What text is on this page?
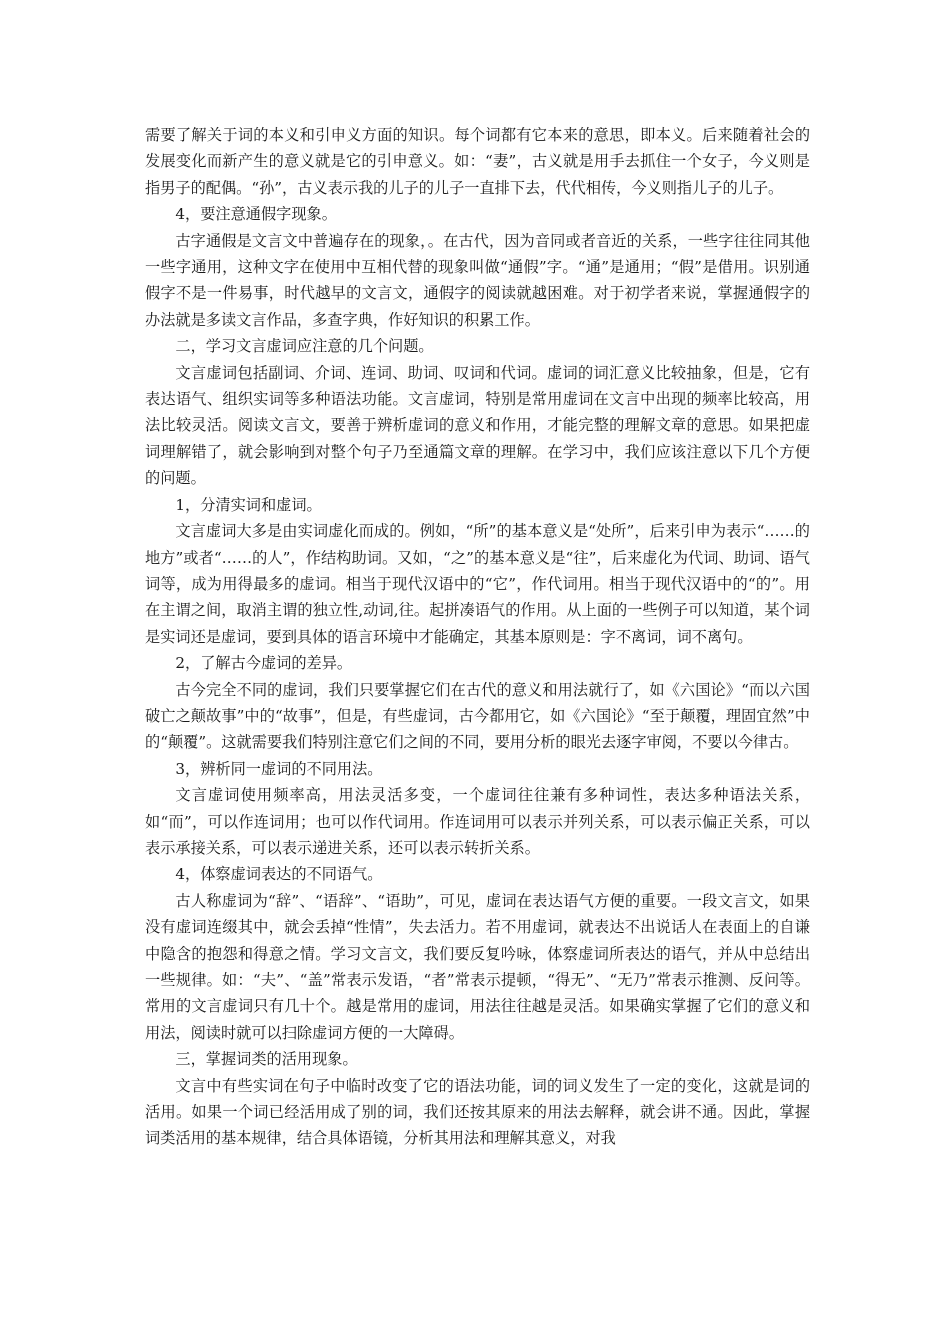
需要了解关于词的本义和引申义方面的知识。每个词都有它本来的意思，即本义。后来随着社会的发展变化而新产生的意义就是它的引申意义。如：“妻”，古义就是用手去抓住一个女子，今义则是指男子的配偶。“孙”，古义表示我的儿子的儿子一直排下去，代代相传，今义则指儿子的儿子。

4，要注意通假字现象。

古字通假是文言文中普遍存在的现象，。在古代，因为音同或者音近的关系，一些字往往同其他一些字通用，这种文字在使用中互相代替的现象叫做“通假”字。“通”是通用；“假”是借用。识别通假字不是一件易事，时代越早的文言文，通假字的阅读就越困难。对于初学者来说，掌握通假字的办法就是多读文言作品，多查字典，作好知识的积累工作。

二，学习文言虚词应注意的几个问题。

文言虚词包括副词、介词、连词、助词、叹词和代词。虚词的词汇意义比较抽象，但是，它有表达语气、组织实词等多种语法功能。文言虚词，特别是常用虚词在文言中出现的频率比较高，用法比较灵活。阅读文言文，要善于辨析虚词的意义和作用，才能完整的理解文章的意思。如果把虚词理解错了，就会影响到对整个句子乃至通篇文章的理解。在学习中，我们应该注意以下几个方便的问题。

1，分清实词和虚词。

文言虚词大多是由实词虚化而成的。例如，“所”的基本意义是“处所”，后来引申为表示“……的地方”或者“……的人”，作结构助词。又如，“之”的基本意义是“往”，后来虚化为代词、助词、语气词等，成为用得最多的虚词。相当于现代汉语中的“它”，作代词用。相当于现代汉语中的“的”。用在主谓之间，取消主谓的独立性,动词,往。起拼凑语气的作用。从上面的一些例子可以知道，某个词是实词还是虚词，要到具体的语言环境中才能确定，其基本原则是：字不离词，词不离句。

2，了解古今虚词的差异。

古今完全不同的虚词，我们只要掌握它们在古代的意义和用法就行了，如《六国论》“而以六国破亡之颠故事”中的“故事”，但是，有些虚词，古今都用它，如《六国论》“至于颠覆，理固宜然”中的“颠覆”。这就需要我们特别注意它们之间的不同，要用分析的眼光去逐字审阅，不要以今律古。

3，辨析同一虚词的不同用法。

文言虚词使用频率高，用法灵活多变，一个虚词往往兼有多种词性，表达多种语法关系，如“而”，可以作连词用；也可以作代词用。作连词用可以表示并列关系，可以表示偏正关系，可以表示承接关系，可以表示递进关系，还可以表示转折关系。

4，体察虚词表达的不同语气。

古人称虚词为“辞”、“语辞”、“语助”，可见，虚词在表达语气方便的重要。一段文言文，如果没有虚词连缀其中，就会丢掉“性情”，失去活力。若不用虚词，就表达不出说话人在表面上的自谦中隐含的抱怨和得意之情。学习文言文，我们要反复吟咏，体察虚词所表达的语气，并从中总结出一些规律。如：“夫”、“盖”常表示发语，“者”常表示提顿，“得无”、“无乃”常表示推测、反问等。常用的文言虚词只有几十个。越是常用的虚词，用法往往越是灵活。如果确实掌握了它们的意义和用法，阅读时就可以扫除虚词方便的一大障碍。

三，掌握词类的活用现象。

文言中有些实词在句子中临时改变了它的语法功能，词的词义发生了一定的变化，这就是词的活用。如果一个词已经活用成了别的词，我们还按其原来的用法去解释，就会讲不通。因此，掌握词类活用的基本规律，结合具体语镜，分析其用法和理解其意义，对我
